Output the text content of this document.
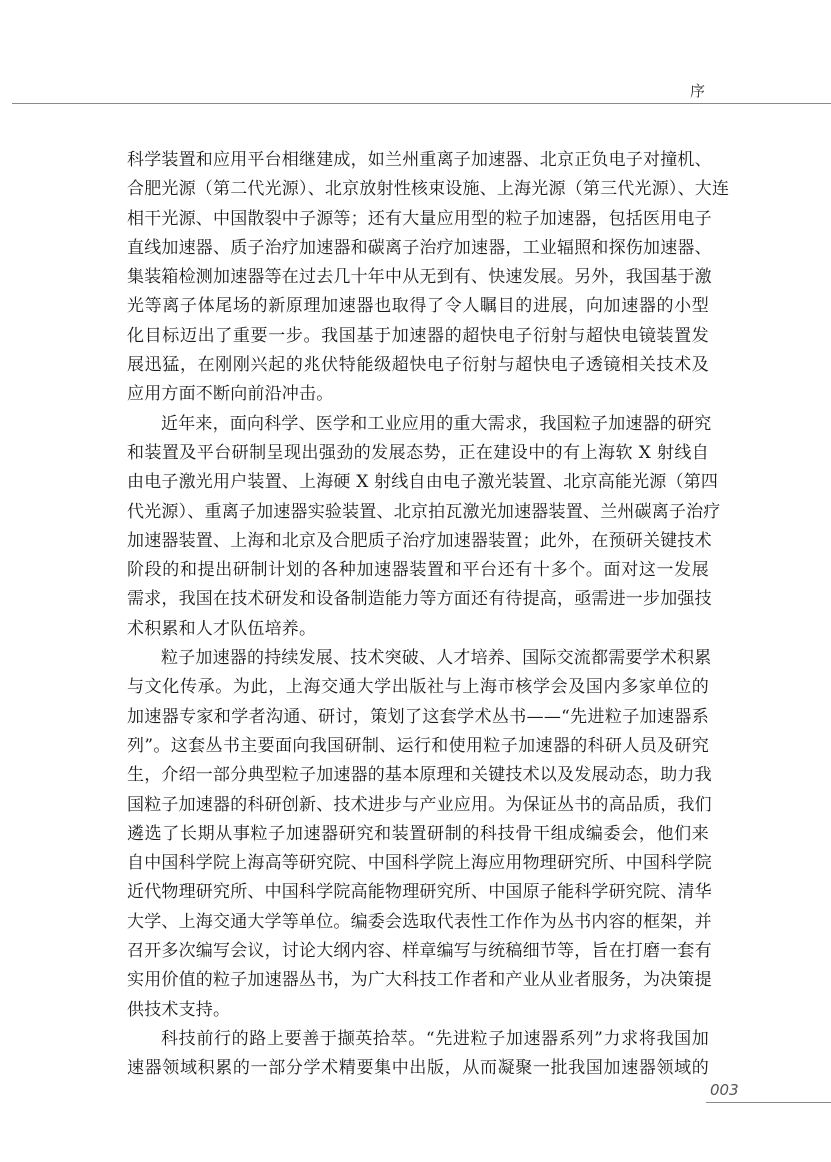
序
科学装置和应用平台相继建成，如兰州重离子加速器、北京正负电子对撞机、
合肥光源（第二代光源）、北京放射性核束设施、上海光源（第三代光源）、大连
相干光源、中国散裂中子源等；还有大量应用型的粒子加速器，包括医用电子
直线加速器、质子治疗加速器和碳离子治疗加速器，工业辐照和探伤加速器、
集装箱检测加速器等在过去几十年中从无到有、快速发展。另外，我国基于激
光等离子体尾场的新原理加速器也取得了令人瞩目的进展，向加速器的小型
化目标迈出了重要一步。我国基于加速器的超快电子衍射与超快电镜装置发
展迅猛，在刚刚兴起的兆伏特能级超快电子衍射与超快电子透镜相关技术及
应用方面不断向前沿冲击。
近年来，面向科学、医学和工业应用的重大需求，我国粒子加速器的研究
和装置及平台研制呈现出强劲的发展态势，正在建设中的有上海软 X 射线自
由电子激光用户装置、上海硬 X 射线自由电子激光装置、北京高能光源（第四
代光源）、重离子加速器实验装置、北京拍瓦激光加速器装置、兰州碳离子治疗
加速器装置、上海和北京及合肥质子治疗加速器装置；此外，在预研关键技术
阶段的和提出研制计划的各种加速器装置和平台还有十多个。面对这一发展
需求，我国在技术研发和设备制造能力等方面还有待提高，亟需进一步加强技
术积累和人才队伍培养。
粒子加速器的持续发展、技术突破、人才培养、国际交流都需要学术积累
与文化传承。为此，上海交通大学出版社与上海市核学会及国内多家单位的
加速器专家和学者沟通、研讨，策划了这套学术丛书——“先进粒子加速器系
列”。这套丛书主要面向我国研制、运行和使用粒子加速器的科研人员及研究
生，介绍一部分典型粒子加速器的基本原理和关键技术以及发展动态，助力我
国粒子加速器的科研创新、技术进步与产业应用。为保证丛书的高品质，我们
遴选了长期从事粒子加速器研究和装置研制的科技骨干组成编委会，他们来
自中国科学院上海高等研究院、中国科学院上海应用物理研究所、中国科学院
近代物理研究所、中国科学院高能物理研究所、中国原子能科学研究院、清华
大学、上海交通大学等单位。编委会选取代表性工作作为丛书内容的框架，并
召开多次编写会议，讨论大纲内容、样章编写与统稿细节等，旨在打磨一套有
实用价值的粒子加速器丛书，为广大科技工作者和产业从业者服务，为决策提
供技术支持。
科技前行的路上要善于撷英拾萃。“先进粒子加速器系列”力求将我国加
速器领域积累的一部分学术精要集中出版，从而凝聚一批我国加速器领域的
003
